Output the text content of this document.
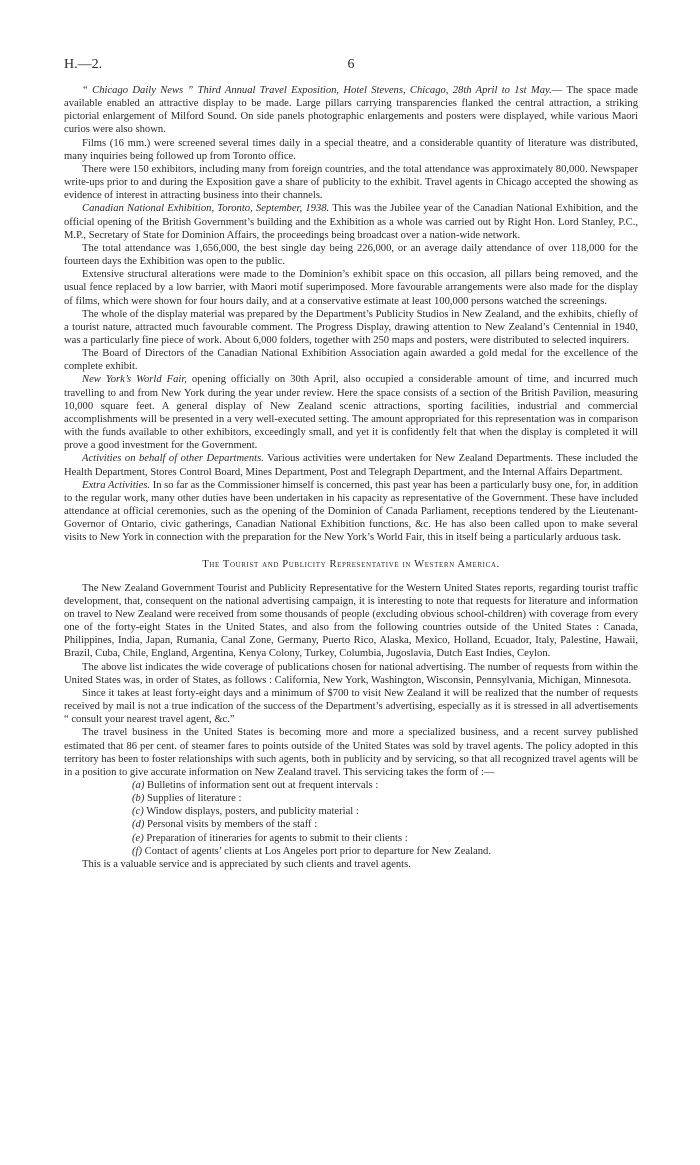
H.—2.	6

“ Chicago Daily News ” Third Annual Travel Exposition, Hotel Stevens, Chicago, 28th April to 1st May.— The space made available enabled an attractive display to be made. Large pillars carrying transparencies flanked the central attraction, a striking pictorial enlargement of Milford Sound. On side panels photographic enlargements and posters were displayed, while various Maori curios were also shown.

Films (16 mm.) were screened several times daily in a special theatre, and a considerable quantity of literature was distributed, many inquiries being followed up from Toronto office.

There were 150 exhibitors, including many from foreign countries, and the total attendance was approximately 80,000. Newspaper write-ups prior to and during the Exposition gave a share of publicity to the exhibit. Travel agents in Chicago accepted the showing as evidence of interest in attracting business into their channels.

Canadian National Exhibition, Toronto, September, 1938. This was the Jubilee year of the Canadian National Exhibition, and the official opening of the British Government’s building and the Exhibition as a whole was carried out by Right Hon. Lord Stanley, P.C., M.P., Secretary of State for Dominion Affairs, the proceedings being broadcast over a nation-wide network.

The total attendance was 1,656,000, the best single day being 226,000, or an average daily attendance of over 118,000 for the fourteen days the Exhibition was open to the public.

Extensive structural alterations were made to the Dominion’s exhibit space on this occasion, all pillars being removed, and the usual fence replaced by a low barrier, with Maori motif superimposed. More favourable arrangements were also made for the display of films, which were shown for four hours daily, and at a conservative estimate at least 100,000 persons watched the screenings.

The whole of the display material was prepared by the Department’s Publicity Studios in New Zealand, and the exhibits, chiefly of a tourist nature, attracted much favourable comment. The Progress Display, drawing attention to New Zealand’s Centennial in 1940, was a particularly fine piece of work. About 6,000 folders, together with 250 maps and posters, were distributed to selected inquirers.

The Board of Directors of the Canadian National Exhibition Association again awarded a gold medal for the excellence of the complete exhibit.

New York’s World Fair, opening officially on 30th April, also occupied a considerable amount of time, and incurred much travelling to and from New York during the year under review. Here the space consists of a section of the British Pavilion, measuring 10,000 square feet. A general display of New Zealand scenic attractions, sporting facilities, industrial and commercial accomplishments will be presented in a very well-executed setting. The amount appropriated for this representation was in comparison with the funds available to other exhibitors, exceedingly small, and yet it is confidently felt that when the display is completed it will prove a good investment for the Government.

Activities on behalf of other Departments. Various activities were undertaken for New Zealand Departments. These included the Health Department, Stores Control Board, Mines Department, Post and Telegraph Department, and the Internal Affairs Department.

Extra Activities. In so far as the Commissioner himself is concerned, this past year has been a particularly busy one, for, in addition to the regular work, many other duties have been undertaken in his capacity as representative of the Government. These have included attendance at official ceremonies, such as the opening of the Dominion of Canada Parliament, receptions tendered by the Lieutenant-Governor of Ontario, civic gatherings, Canadian National Exhibition functions, &c. He has also been called upon to make several visits to New York in connection with the preparation for the New York’s World Fair, this in itself being a particularly arduous task.

The Tourist and Publicity Representative in Western America.

The New Zealand Government Tourist and Publicity Representative for the Western United States reports, regarding tourist traffic development, that, consequent on the national advertising campaign, it is interesting to note that requests for literature and information on travel to New Zealand were received from some thousands of people (excluding obvious school-children) with coverage from every one of the forty-eight States in the United States, and also from the following countries outside of the United States : Canada, Philippines, India, Japan, Rumania, Canal Zone, Germany, Puerto Rico, Alaska, Mexico, Holland, Ecuador, Italy, Palestine, Hawaii, Brazil, Cuba, Chile, England, Argentina, Kenya Colony, Turkey, Columbia, Jugoslavia, Dutch East Indies, Ceylon.

The above list indicates the wide coverage of publications chosen for national advertising. The number of requests from within the United States was, in order of States, as follows : California, New York, Washington, Wisconsin, Pennsylvania, Michigan, Minnesota.

Since it takes at least forty-eight days and a minimum of $700 to visit New Zealand it will be realized that the number of requests received by mail is not a true indication of the success of the Department’s advertising, especially as it is stressed in all advertisements “ consult your nearest travel agent, &c.”

The travel business in the United States is becoming more and more a specialized business, and a recent survey published estimated that 86 per cent. of steamer fares to points outside of the United States was sold by travel agents. The policy adopted in this territory has been to foster relationships with such agents, both in publicity and by servicing, so that all recognized travel agents will be in a position to give accurate information on New Zealand travel. This servicing takes the form of :—

(a) Bulletins of information sent out at frequent intervals :
(b) Supplies of literature :
(c) Window displays, posters, and publicity material :
(d) Personal visits by members of the staff :
(e) Preparation of itineraries for agents to submit to their clients :
(f) Contact of agents’ clients at Los Angeles port prior to departure for New Zealand.

This is a valuable service and is appreciated by such clients and travel agents.
